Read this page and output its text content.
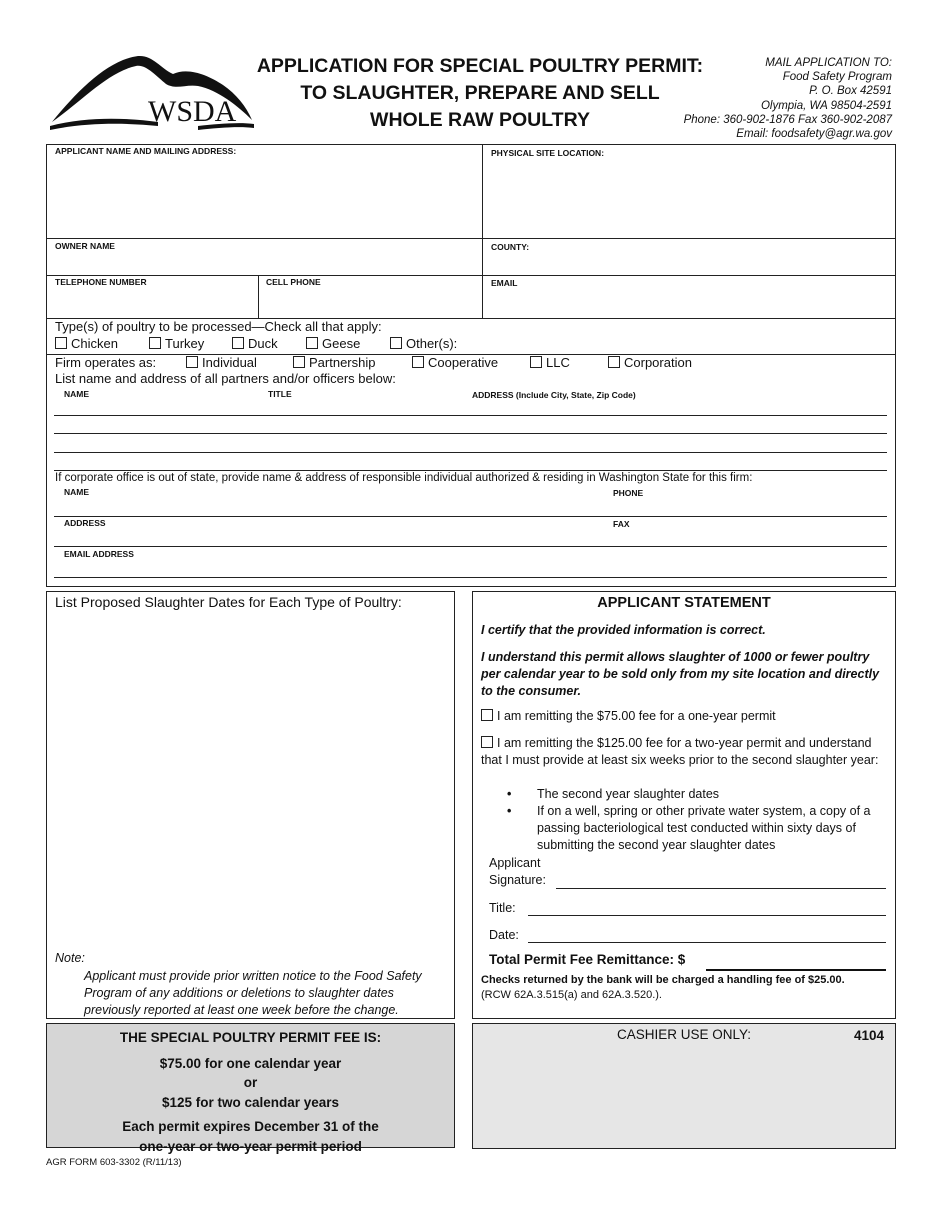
WSDA
APPLICATION FOR SPECIAL POULTRY PERMIT:
TO SLAUGHTER, PREPARE AND SELL
WHOLE RAW POULTRY
MAIL APPLICATION TO:
Food Safety Program
P. O. Box 42591
Olympia, WA 98504-2591
Phone: 360-902-1876 Fax 360-902-2087
Email: foodsafety@agr.wa.gov
APPLICANT NAME AND MAILING ADDRESS:	PHYSICAL SITE LOCATION:
OWNER NAME	COUNTY:
TELEPHONE NUMBER	CELL PHONE	EMAIL
Type(s) of poultry to be processed—Check all that apply:
Chicken	Turkey	Duck	Geese	Other(s):
Firm operates as:	Individual	Partnership	Cooperative	LLC	Corporation
List name and address of all partners and/or officers below:
NAME	TITLE	ADDRESS (Include City, State, Zip Code)
If corporate office is out of state, provide name & address of responsible individual authorized & residing in Washington State for this firm:
NAME	PHONE
ADDRESS	FAX
EMAIL ADDRESS
List Proposed Slaughter Dates for Each Type of Poultry:
Note:
Applicant must provide prior written notice to the Food Safety Program of any additions or deletions to slaughter dates previously reported at least one week before the change.
APPLICANT STATEMENT
I certify that the provided information is correct.
I understand this permit allows slaughter of 1000 or fewer poultry per calendar year to be sold only from my site location and directly to the consumer.
I am remitting the $75.00 fee for a one-year permit
I am remitting the $125.00 fee for a two-year permit and understand that I must provide at least six weeks prior to the second slaughter year:
• The second year slaughter dates
• If on a well, spring or other private water system, a copy of a passing bacteriological test conducted within sixty days of submitting the second year slaughter dates
Applicant
Signature:
Title:
Date:
Total Permit Fee Remittance: $
Checks returned by the bank will be charged a handling fee of $25.00.
(RCW 62A.3.515(a) and 62A.3.520.).
THE SPECIAL POULTRY PERMIT FEE IS:
$75.00 for one calendar year
or
$125 for two calendar years
Each permit expires December 31 of the
one-year or two-year permit period
CASHIER USE ONLY:	4104
AGR FORM 603-3302 (R/11/13)
